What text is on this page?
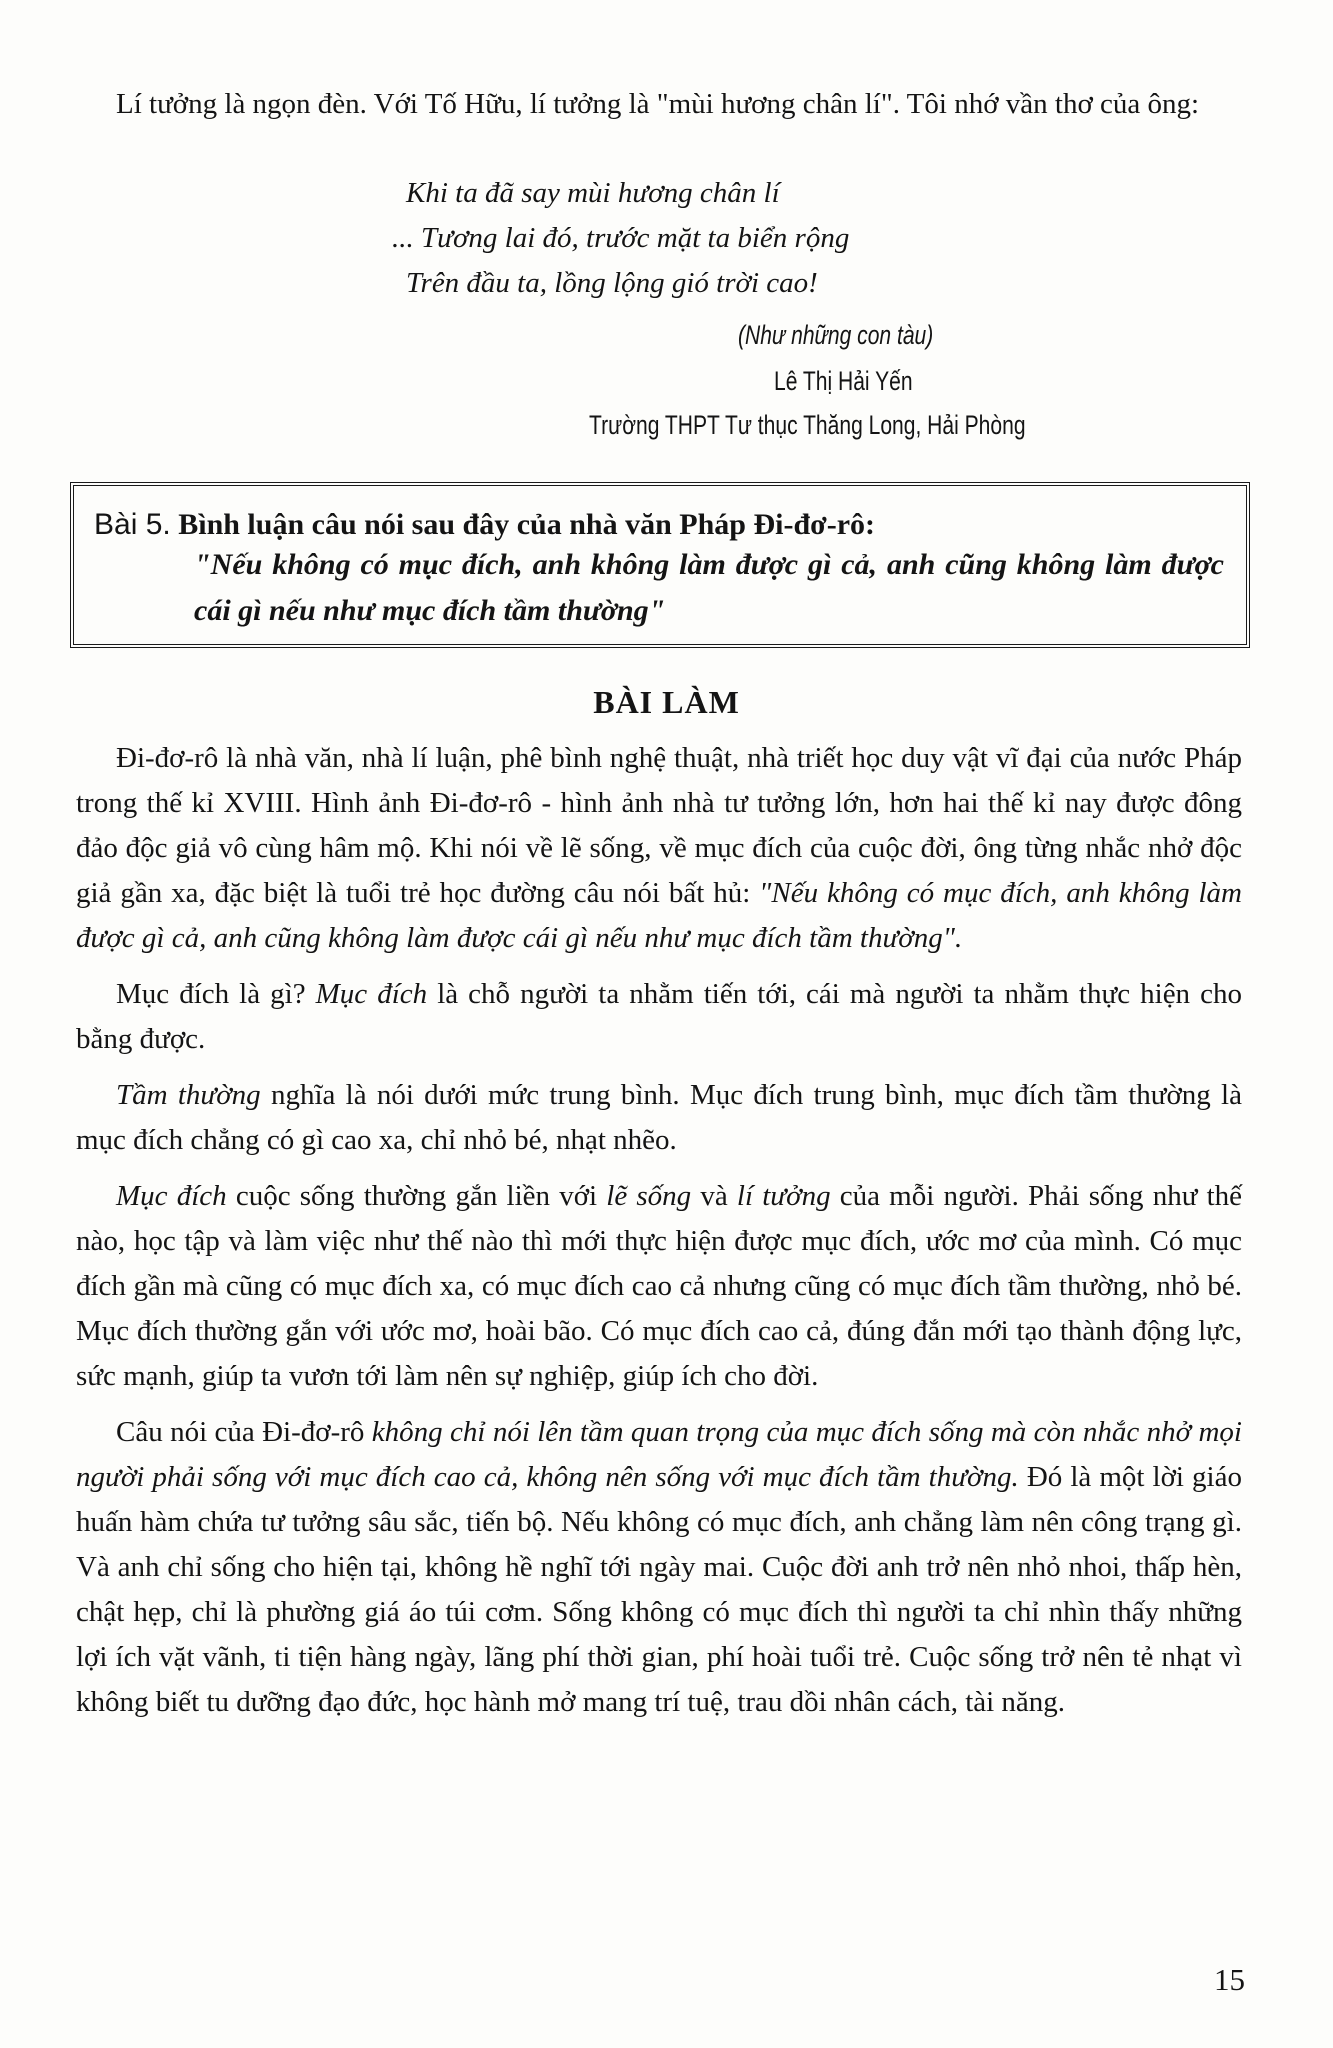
Lí tưởng là ngọn đèn. Với Tố Hữu, lí tưởng là "mùi hương chân lí". Tôi nhớ vần thơ của ông:

Khi ta đã say mùi hương chân lí
... Tương lai đó, trước mặt ta biển rộng
Trên đầu ta, lồng lộng gió trời cao!
(Như những con tàu)
Lê Thị Hải Yến
Trường THPT Tư thục Thăng Long, Hải Phòng
Bài 5. Bình luận câu nói sau đây của nhà văn Pháp Đi-đơ-rô:
"Nếu không có mục đích, anh không làm được gì cả, anh cũng không làm được cái gì nếu như mục đích tầm thường"
BÀI LÀM

Đi-đơ-rô là nhà văn, nhà lí luận, phê bình nghệ thuật, nhà triết học duy vật vĩ đại của nước Pháp trong thế kỉ XVIII. Hình ảnh Đi-đơ-rô - hình ảnh nhà tư tưởng lớn, hơn hai thế kỉ nay được đông đảo độc giả vô cùng hâm mộ. Khi nói về lẽ sống, về mục đích của cuộc đời, ông từng nhắc nhở độc giả gần xa, đặc biệt là tuổi trẻ học đường câu nói bất hủ: "Nếu không có mục đích, anh không làm được gì cả, anh cũng không làm được cái gì nếu như mục đích tầm thường".

Mục đích là gì? Mục đích là chỗ người ta nhằm tiến tới, cái mà người ta nhằm thực hiện cho bằng được.

Tầm thường nghĩa là nói dưới mức trung bình. Mục đích trung bình, mục đích tầm thường là mục đích chẳng có gì cao xa, chỉ nhỏ bé, nhạt nhẽo.

Mục đích cuộc sống thường gắn liền với lẽ sống và lí tưởng của mỗi người. Phải sống như thế nào, học tập và làm việc như thế nào thì mới thực hiện được mục đích, ước mơ của mình. Có mục đích gần mà cũng có mục đích xa, có mục đích cao cả nhưng cũng có mục đích tầm thường, nhỏ bé. Mục đích thường gắn với ước mơ, hoài bão. Có mục đích cao cả, đúng đắn mới tạo thành động lực, sức mạnh, giúp ta vươn tới làm nên sự nghiệp, giúp ích cho đời.

Câu nói của Đi-đơ-rô không chỉ nói lên tầm quan trọng của mục đích sống mà còn nhắc nhở mọi người phải sống với mục đích cao cả, không nên sống với mục đích tầm thường. Đó là một lời giáo huấn hàm chứa tư tưởng sâu sắc, tiến bộ. Nếu không có mục đích, anh chẳng làm nên công trạng gì. Và anh chỉ sống cho hiện tại, không hề nghĩ tới ngày mai. Cuộc đời anh trở nên nhỏ nhoi, thấp hèn, chật hẹp, chỉ là phường giá áo túi cơm. Sống không có mục đích thì người ta chỉ nhìn thấy những lợi ích vặt vãnh, ti tiện hàng ngày, lãng phí thời gian, phí hoài tuổi trẻ. Cuộc sống trở nên tẻ nhạt vì không biết tu dưỡng đạo đức, học hành mở mang trí tuệ, trau dồi nhân cách, tài năng.

15
